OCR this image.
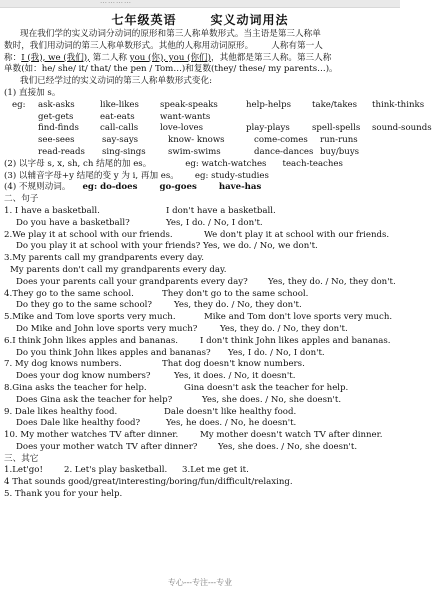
…………
七年级英语	实义动词用法
现在我们学的实义动词分动词的原形和第三人称单数形式。当主语是第三人称单
数时，我们用动词的第三人称单数形式。其他的人称用动词原形。 人称有第一人
称：I (我), we (我们), 第二人称 you (你), you (你们)，其他都是第三人称。第三人称
单数(如：he/ she/ it/ that/ the pen / Tom…)和复数(they/ these/ my parents…)。
我们已经学过的实义动词的第三人称单数形式变化:
(1) 直接加 s。
eg: ask-asks	like-likes speak-speaks	help-helps take/takes think-thinks
get-gets	eat-eats	want-wants
find-finds call-calls	love-loves	play-plays	spell-spells sound-sounds
see-sees	say-says	know- knows	come-comes run-runs
read-reads sing-sings	swim-swims	dance-dances buy/buys
(2) 以字母 s, x, sh, ch 结尾的加 es。	eg: watch-watches teach-teaches
(3) 以辅音字母+y 结尾的变 y 为 i, 再加 es。 eg: study-studies
(4) 不规则动词。 eg: do-does	go-goes	have-has
二、句子
1. I have a basketball.	I don't have a basketball.
Do you have a basketball?	Yes, I do. / No, I don't.
2.We play it at school with our friends.	We don't play it at school with our friends.
Do you play it at school with your friends? Yes, we do. / No, we don't.
3.My parents call my grandparents every day.
My parents don't call my grandparents every day.
Does your parents call your grandparents every day? Yes, they do. / No, they don't.
4.They go to the same school.	They don't go to the same school.
Do they go to the same school?	Yes, they do. / No, they don't.
5.Mike and Tom love sports very much.	Mike and Tom don't love sports very much.
Do Mike and John love sports very much?	Yes, they do. / No, they don't.
6.I think John likes apples and bananas.	I don't think John likes apples and bananas.
Do you think John likes apples and bananas? Yes, I do. / No, I don't.
7. My dog knows numbers.	That dog doesn't know numbers.
Does your dog know numbers?	Yes, it does. / No, it doesn't.
8.Gina asks the teacher for help.	Gina doesn't ask the teacher for help.
Does Gina ask the teacher for help?	Yes, she does. / No, she doesn't.
9. Dale likes healthy food.	Dale doesn't like healthy food.
Does Dale like healthy food?	Yes, he does. / No, he doesn't.
10. My mother watches TV after dinner.	My mother doesn't watch TV after dinner.
Does your mother watch TV after dinner? Yes, she does. / No, she doesn't.
三、其它
1.Let'go! 2. Let's play basketball. 3.Let me get it.
4 That sounds good/great/interesting/boring/fun/difficult/relaxing.
5. Thank you for your help.
专心---专注---专业
